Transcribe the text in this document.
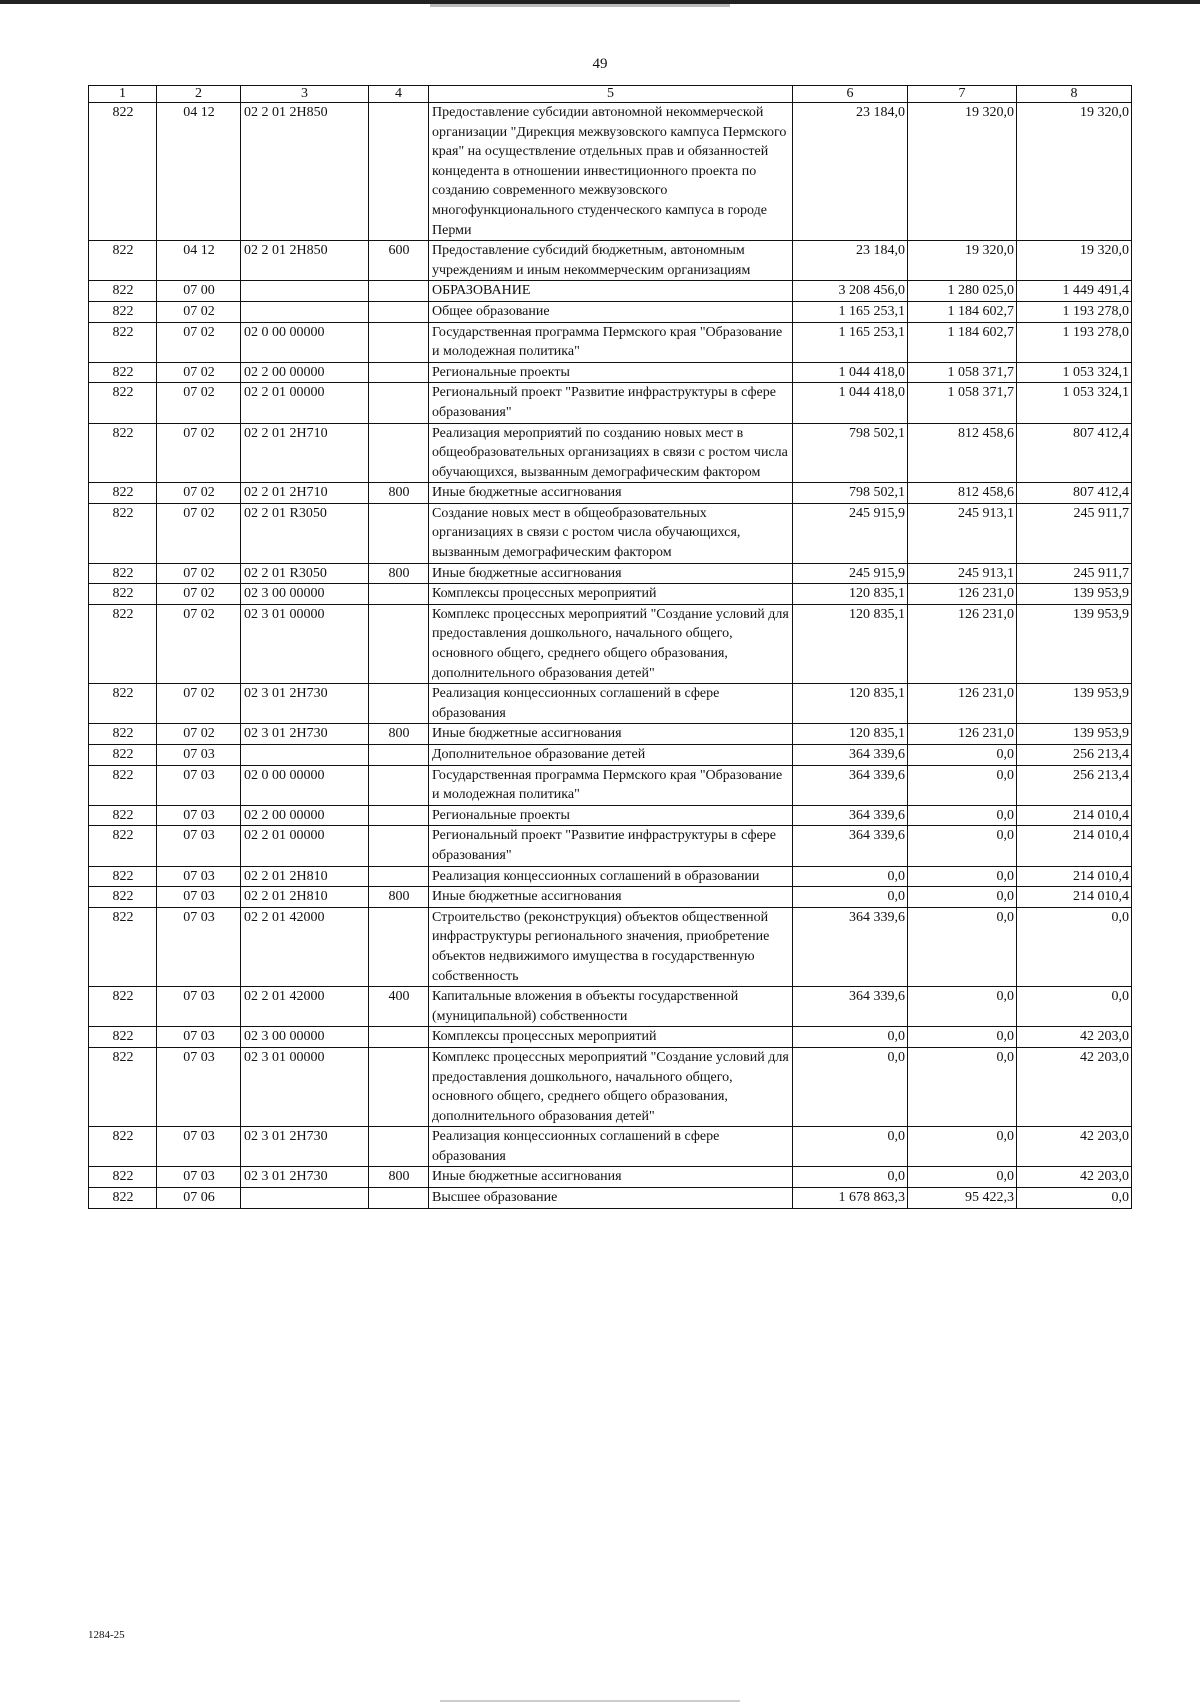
49
1	2	3	4	5	6	7	8
822	04 12	02 2 01 2Н850		Предоставление субсидии автономной некоммерческой организации "Дирекция межвузовского кампуса Пермского края" на осуществление отдельных прав и обязанностей концедента в отношении инвестиционного проекта по созданию современного межвузовского многофункционального студенческого кампуса в городе Перми	23 184,0	19 320,0	19 320,0
822	04 12	02 2 01 2Н850	600	Предоставление субсидий бюджетным, автономным учреждениям и иным некоммерческим организациям	23 184,0	19 320,0	19 320,0
822	07 00			ОБРАЗОВАНИЕ	3 208 456,0	1 280 025,0	1 449 491,4
822	07 02			Общее образование	1 165 253,1	1 184 602,7	1 193 278,0
822	07 02	02 0 00 00000		Государственная программа Пермского края "Образование и молодежная политика"	1 165 253,1	1 184 602,7	1 193 278,0
822	07 02	02 2 00 00000		Региональные проекты	1 044 418,0	1 058 371,7	1 053 324,1
822	07 02	02 2 01 00000		Региональный проект "Развитие инфраструктуры в сфере образования"	1 044 418,0	1 058 371,7	1 053 324,1
822	07 02	02 2 01 2Н710		Реализация мероприятий по созданию новых мест в общеобразовательных организациях в связи с ростом числа обучающихся, вызванным демографическим фактором	798 502,1	812 458,6	807 412,4
822	07 02	02 2 01 2Н710	800	Иные бюджетные ассигнования	798 502,1	812 458,6	807 412,4
822	07 02	02 2 01 R3050		Создание новых мест в общеобразовательных организациях в связи с ростом числа обучающихся, вызванным демографическим фактором	245 915,9	245 913,1	245 911,7
822	07 02	02 2 01 R3050	800	Иные бюджетные ассигнования	245 915,9	245 913,1	245 911,7
822	07 02	02 3 00 00000		Комплексы процессных мероприятий	120 835,1	126 231,0	139 953,9
822	07 02	02 3 01 00000		Комплекс процессных мероприятий "Создание условий для предоставления дошкольного, начального общего, основного общего, среднего общего образования, дополнительного образования детей"	120 835,1	126 231,0	139 953,9
822	07 02	02 3 01 2Н730		Реализация концессионных соглашений в сфере образования	120 835,1	126 231,0	139 953,9
822	07 02	02 3 01 2Н730	800	Иные бюджетные ассигнования	120 835,1	126 231,0	139 953,9
822	07 03			Дополнительное образование детей	364 339,6	0,0	256 213,4
822	07 03	02 0 00 00000		Государственная программа Пермского края "Образование и молодежная политика"	364 339,6	0,0	256 213,4
822	07 03	02 2 00 00000		Региональные проекты	364 339,6	0,0	214 010,4
822	07 03	02 2 01 00000		Региональный проект "Развитие инфраструктуры в сфере образования"	364 339,6	0,0	214 010,4
822	07 03	02 2 01 2Н810		Реализация концессионных соглашений в образовании	0,0	0,0	214 010,4
822	07 03	02 2 01 2Н810	800	Иные бюджетные ассигнования	0,0	0,0	214 010,4
822	07 03	02 2 01 42000		Строительство (реконструкция) объектов общественной инфраструктуры регионального значения, приобретение объектов недвижимого имущества в государственную собственность	364 339,6	0,0	0,0
822	07 03	02 2 01 42000	400	Капитальные вложения в объекты государственной (муниципальной) собственности	364 339,6	0,0	0,0
822	07 03	02 3 00 00000		Комплексы процессных мероприятий	0,0	0,0	42 203,0
822	07 03	02 3 01 00000		Комплекс процессных мероприятий "Создание условий для предоставления дошкольного, начального общего, основного общего, среднего общего образования, дополнительного образования детей"	0,0	0,0	42 203,0
822	07 03	02 3 01 2Н730		Реализация концессионных соглашений в сфере образования	0,0	0,0	42 203,0
822	07 03	02 3 01 2Н730	800	Иные бюджетные ассигнования	0,0	0,0	42 203,0
822	07 06			Высшее образование	1 678 863,3	95 422,3	0,0
1284-25
